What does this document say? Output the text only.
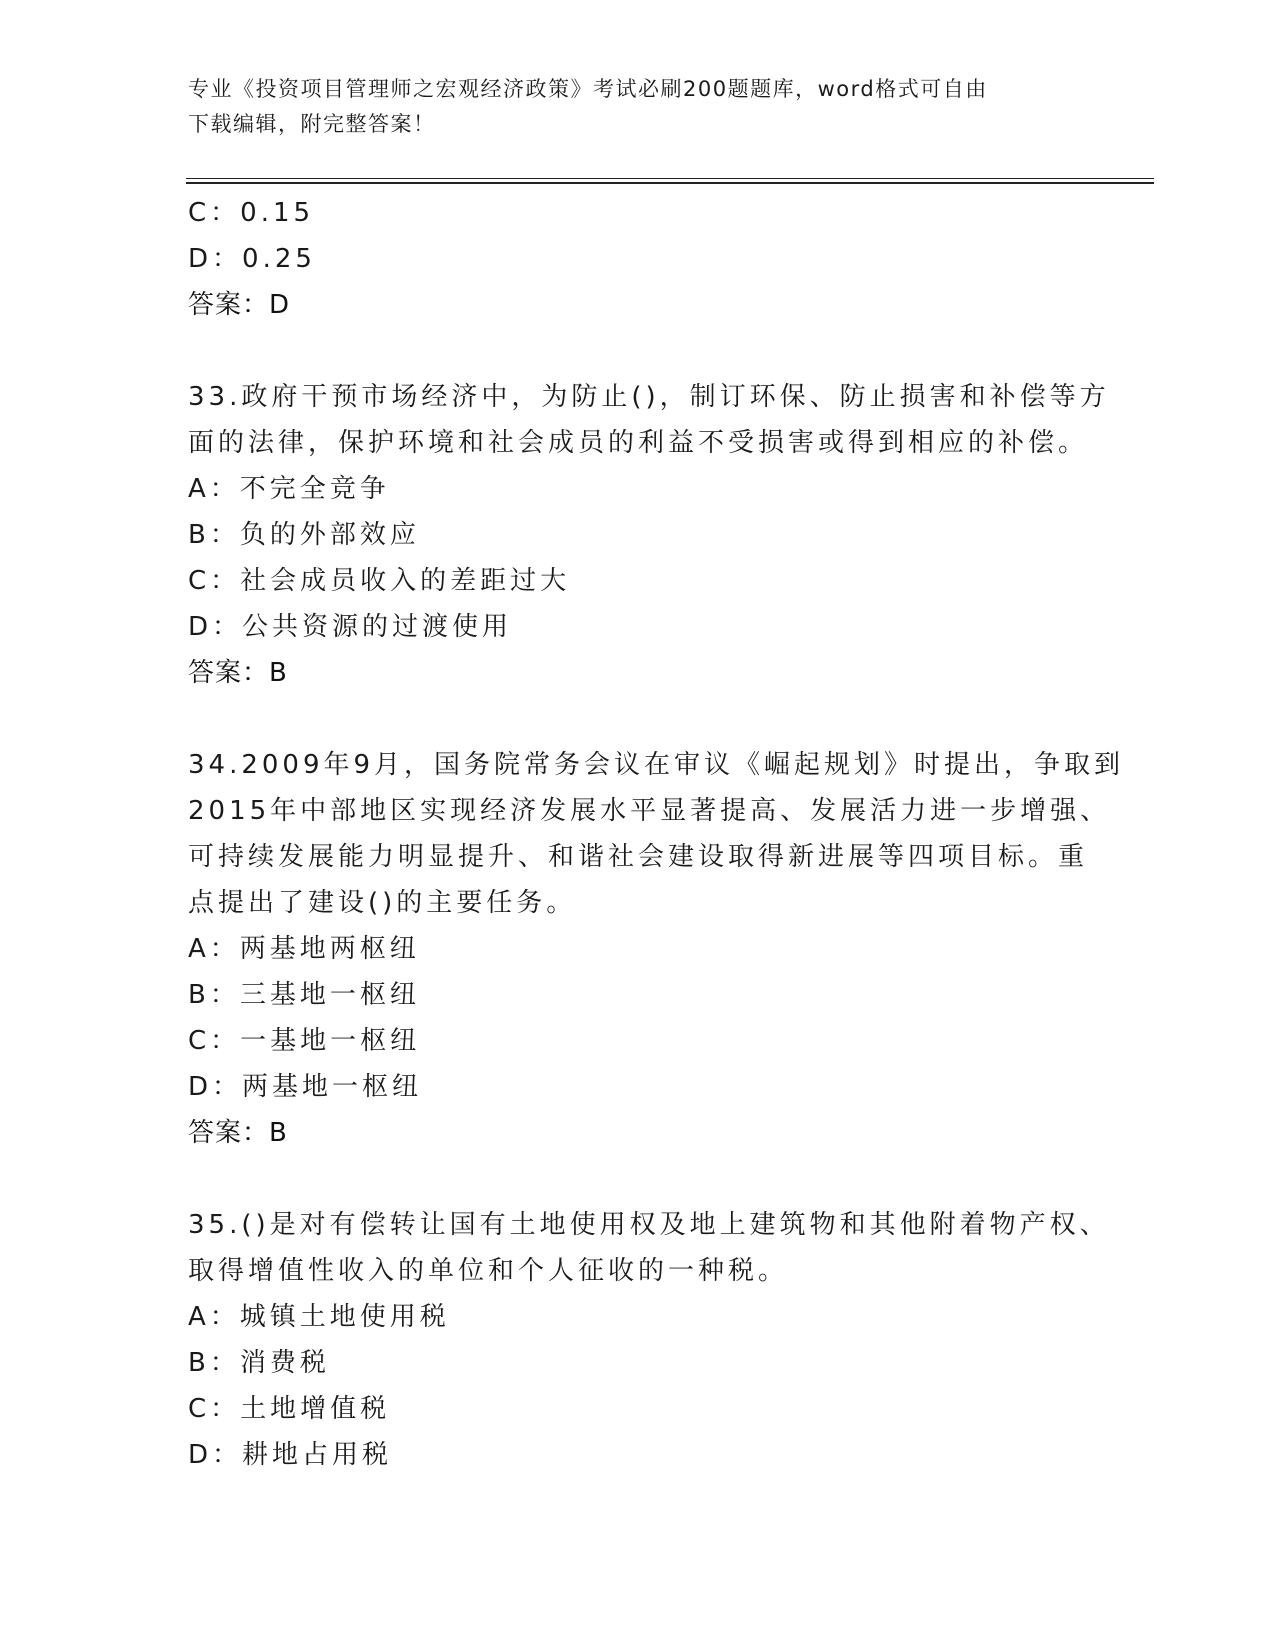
专业《投资项目管理师之宏观经济政策》考试必刷200题题库，word格式可自由
下载编辑，附完整答案！
C：0.15
D：0.25
答案：D
33.政府干预市场经济中，为防止()，制订环保、防止损害和补偿等方
面的法律，保护环境和社会成员的利益不受损害或得到相应的补偿。
A：不完全竞争
B：负的外部效应
C：社会成员收入的差距过大
D：公共资源的过渡使用
答案：B
34.2009年9月，国务院常务会议在审议《崛起规划》时提出，争取到
2015年中部地区实现经济发展水平显著提高、发展活力进一步增强、
可持续发展能力明显提升、和谐社会建设取得新进展等四项目标。重
点提出了建设()的主要任务。
A：两基地两枢纽
B：三基地一枢纽
C：一基地一枢纽
D：两基地一枢纽
答案：B
35.()是对有偿转让国有土地使用权及地上建筑物和其他附着物产权、
取得增值性收入的单位和个人征收的一种税。
A：城镇土地使用税
B：消费税
C：土地增值税
D：耕地占用税
